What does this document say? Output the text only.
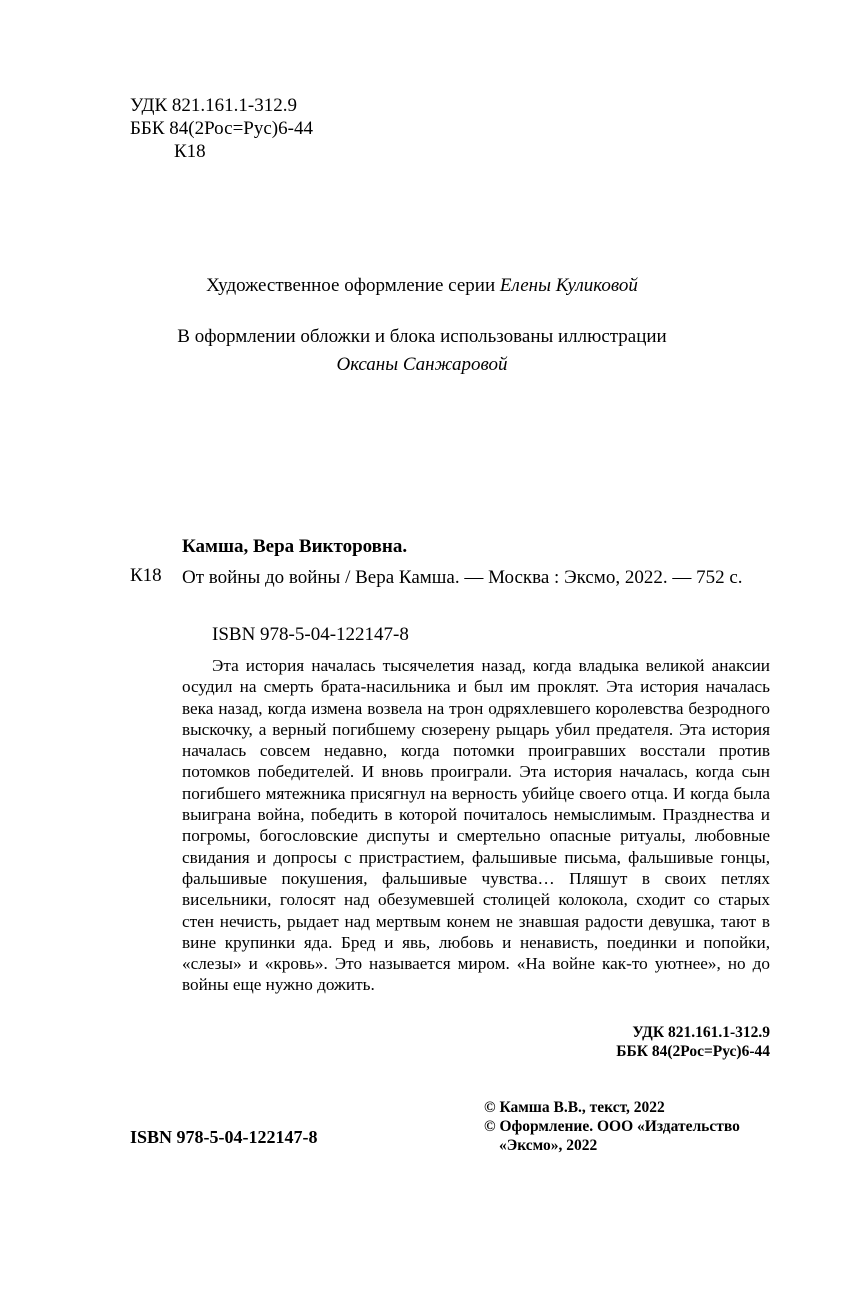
УДК 821.161.1-312.9
ББК 84(2Рос=Рус)6-44
К18
Художественное оформление серии Елены Куликовой
В оформлении обложки и блока использованы иллюстрации
Оксаны Санжаровой
Камша, Вера Викторовна.
К18 От войны до войны / Вера Камша. — Москва : Эксмо, 2022. — 752 с.
ISBN 978-5-04-122147-8
Эта история началась тысячелетия назад, когда владыка великой анаксии осудил на смерть брата-насильника и был им проклят. Эта история началась века назад, когда измена возвела на трон одряхлевшего королевства безродного выскочку, а верный погибшему сюзерену рыцарь убил предателя. Эта история началась совсем недавно, когда потомки проигравших восстали против потомков победителей. И вновь проиграли. Эта история началась, когда сын погибшего мятежника присягнул на верность убийце своего отца. И когда была выиграна война, победить в которой почиталось немыслимым. Празднества и погромы, богословские диспуты и смертельно опасные ритуалы, любовные свидания и допросы с пристрастием, фальшивые письма, фальшивые гонцы, фальшивые покушения, фальшивые чувства… Пляшут в своих петлях висельники, голосят над обезумевшей столицей колокола, сходит со старых стен нечисть, рыдает над мертвым конем не знавшая радости девушка, тают в вине крупинки яда. Бред и явь, любовь и ненависть, поединки и попойки, «слезы» и «кровь». Это называется миром. «На войне как-то уютнее», но до войны еще нужно дожить.
УДК 821.161.1-312.9
ББК 84(2Рос=Рус)6-44
ISBN 978-5-04-122147-8
© Камша В.В., текст, 2022
© Оформление. ООО «Издательство
«Эксмо», 2022
